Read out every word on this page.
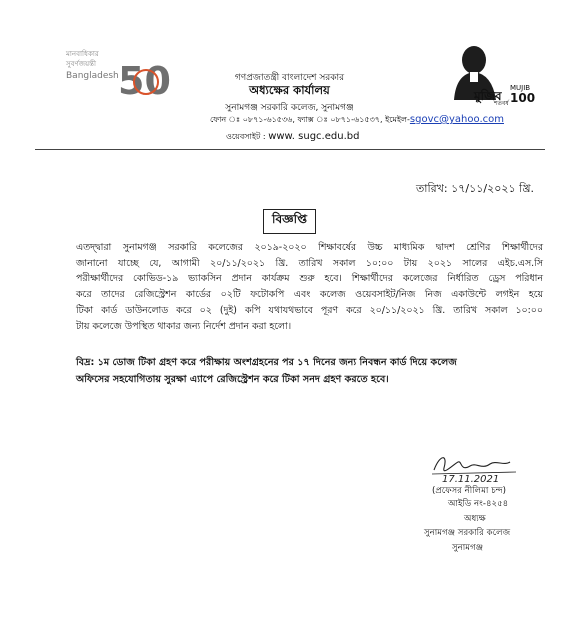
মানবাধিকার
সুবর্ণজয়ন্তী
Bangladesh 50	মুজিব
শতবর্ষ
MUJIB
100
গণপ্রজাতন্ত্রী বাংলাদেশ সরকার
অধ্যক্ষের কার্যালয়
সুনামগঞ্জ সরকারি কলেজ, সুনামগঞ্জ
ফোন ঃ ০৮৭১-৬১৫৩৬, ফ্যাক্স ঃ ০৮৭১-৬১৫৩৭, ইমেইল-sgovc@yahoo.com
ওয়েবসাইট : www. sugc.edu.bd
তারিখ: ১৭/১১/২০২১ খ্রি.
বিজ্ঞপ্তি
এতদ্দ্বারা সুনামগঞ্জ সরকারি কলেজের ২০১৯-২০২০ শিক্ষাবর্ষের উচ্চ মাধ্যমিক দ্বাদশ শ্রেণির শিক্ষার্থীদের
জানানো যাচ্ছে যে, আগামী ২০/১১/২০২১ খ্রি. তারিখ সকাল ১০:০০ টায় ২০২১ সালের এইচ.এস.সি
পরীক্ষার্থীদের কোভিড-১৯ ভ্যাকসিন প্রদান কার্যক্রম শুরু হবে। শিক্ষার্থীদের কলেজের নির্ধারিত ড্রেস পরিধান
করে তাদের রেজিস্ট্রেশন কার্ডের ০২টি ফটোকপি এবং কলেজ ওয়েবসাইট/নিজ নিজ একাউন্টে লগইন হয়ে
টিকা কার্ড ডাউনলোড করে ০২ (দুই) কপি যথাযথভাবে পূরণ করে ২০/১১/২০২১ খ্রি. তারিখ সকাল ১০:০০
টায় কলেজে উপস্থিত থাকার জন্য নির্দেশ প্রদান করা হলো।
বিদ্র: ১ম ডোজ টিকা গ্রহণ করে পরীক্ষায় অংশগ্রহনের পর ১৭ দিনের জন্য নিবন্ধন কার্ড দিয়ে কলেজ
অফিসের সহযোগিতায় সুরক্ষা এ্যাপে রেজিস্ট্রেশন করে টিকা সনদ গ্রহণ করতে হবে।
17.11.2021
(প্রফেসর নীলিমা চন্দ)
আইডি নং-৪২৫৪
অধ্যক্ষ
সুনামগঞ্জ সরকারি কলেজ
সুনামগঞ্জ
